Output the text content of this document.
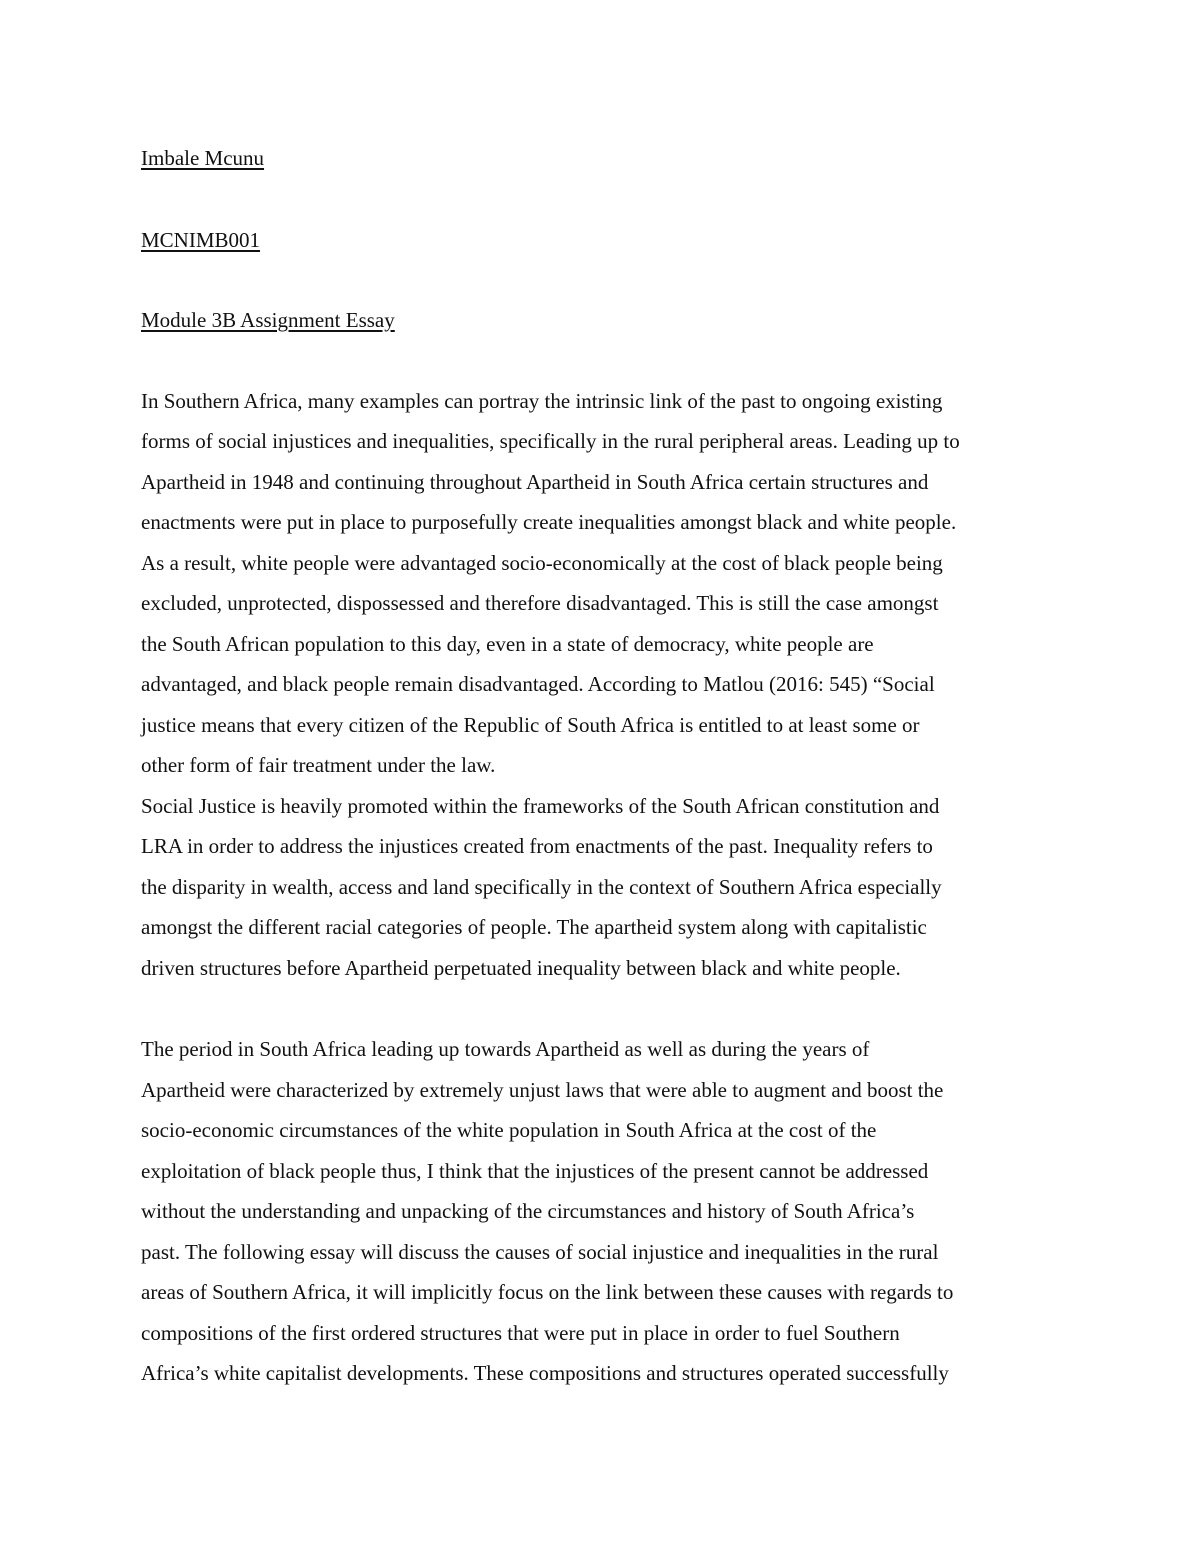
Imbale Mcunu
MCNIMB001
Module 3B Assignment Essay
In Southern Africa, many examples can portray the intrinsic link of the past to ongoing existing
forms of social injustices and inequalities, specifically in the rural peripheral areas. Leading up to
Apartheid in 1948 and continuing throughout Apartheid in South Africa certain structures and
enactments were put in place to purposefully create inequalities amongst black and white people.
As a result, white people were advantaged socio-economically at the cost of black people being
excluded, unprotected, dispossessed and therefore disadvantaged. This is still the case amongst
the South African population to this day, even in a state of democracy, white people are
advantaged, and black people remain disadvantaged. According to Matlou (2016: 545) “Social
justice means that every citizen of the Republic of South Africa is entitled to at least some or
other form of fair treatment under the law.
Social Justice is heavily promoted within the frameworks of the South African constitution and
LRA in order to address the injustices created from enactments of the past. Inequality refers to
the disparity in wealth, access and land specifically in the context of Southern Africa especially
amongst the different racial categories of people. The apartheid system along with capitalistic
driven structures before Apartheid perpetuated inequality between black and white people.
The period in South Africa leading up towards Apartheid as well as during the years of
Apartheid were characterized by extremely unjust laws that were able to augment and boost the
socio-economic circumstances of the white population in South Africa at the cost of the
exploitation of black people thus, I think that the injustices of the present cannot be addressed
without the understanding and unpacking of the circumstances and history of South Africa’s
past. The following essay will discuss the causes of social injustice and inequalities in the rural
areas of Southern Africa, it will implicitly focus on the link between these causes with regards to
compositions of the first ordered structures that were put in place in order to fuel Southern
Africa’s white capitalist developments. These compositions and structures operated successfully
